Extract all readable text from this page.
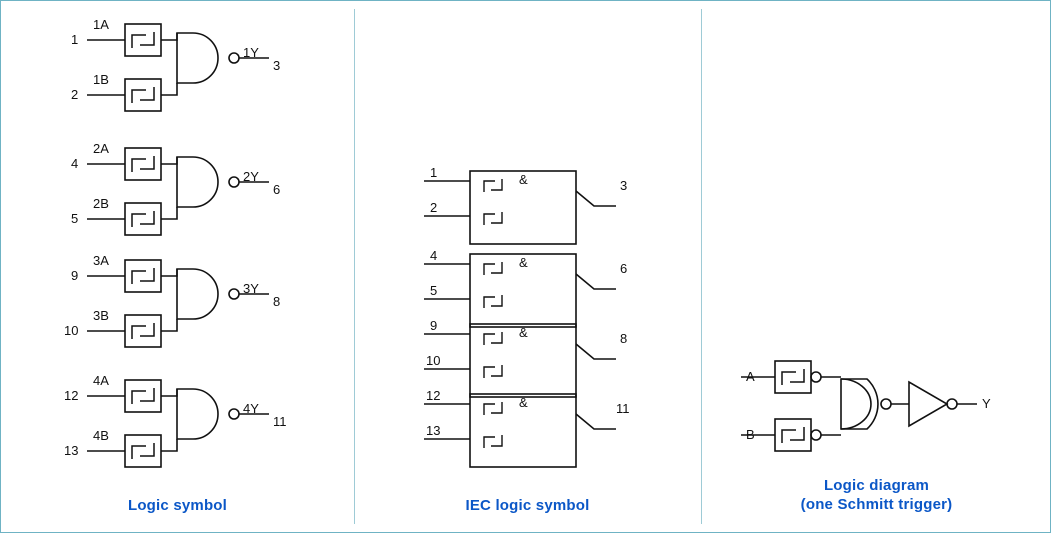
1
1A
2
1B
1Y
3
4
2A
5
2B
2Y
6
9
3A
10
3B
3Y
8
12
4A
13
4B
4Y
11
Logic symbol
1
2
&	3
4
5
&	6
9
10
&	8
12
13
&	11
IEC logic symbol
A
B
Y
Logic diagram
(one Schmitt trigger)
